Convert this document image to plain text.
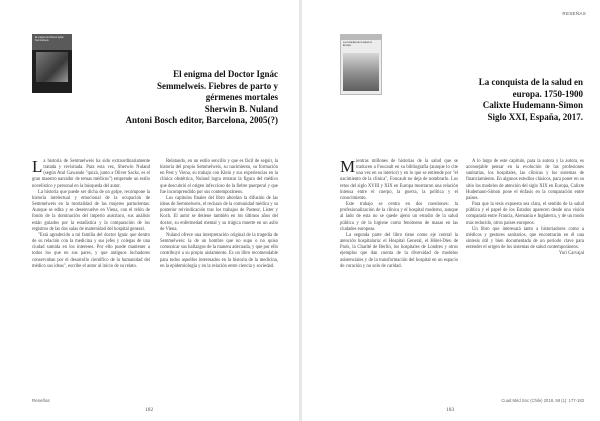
El enigma del Doctor Ignác Semmelweis
El enigma del Doctor Ignác
Semmelweis. Fiebres de parto y
gérmenes mortales
Sherwin B. Nuland
Antoni Bosch editor, Barcelona, 2005(?)

La historia de Semmelweis ha sido extraordinariamente tratada y revisitada. Para esta vez, Sherwin Nuland (según Atul Gawande "quizá, junto a Oliver Sacks, es el gran maestro narrador de temas médicos") emprende un estilo novelístico y personal en la búsqueda del autor.

La historia que puede ser dicha de un golpe, recompone la historia intelectual y emocional de la ocupación de Semmelweis en la mortalidad de las mujeres parturientas. Aunque se edita y se desenvuelve en Viena, con el telón de fondo de la dominación del imperio austriaco, sus análisis están guiados por la estadística y la comparación de los registros de las dos salas de maternidad del hospital general.

"Está agradecido a mi familia del doctor Ignác que dentro de su relación con la medicina y sus jefes y colegas de una ciudad sumida en los intereses. Por ello puede mantener a todos los que en sus pares, y que antiguos luchadores conservaban por el desarrollo científico de la humanidad del médico sus ideas", escribe el autor al inicio de su relato.

Relatando, en un estilo sencillo y que es fácil de seguir, la historia del propio Semmelweis, su nacimiento, su formación en Pest y Viena, su trabajo con Klein y sus experiencias en la clínica obstétrica, Nuland logra retratar la figura del médico que descubrió el origen infeccioso de la fiebre puerperal y que fue incomprendido por sus contemporáneos.

Los capítulos finales del libro abordan la difusión de las ideas de Semmelweis, el rechazo de la comunidad médica y su posterior reivindicación tras los trabajos de Pasteur, Lister y Koch. El autor se detiene también en los últimos años del doctor, su enfermedad mental y su trágica muerte en un asilo de Viena.

Nuland ofrece una interpretación original de la tragedia de Semmelweis: la de un hombre que no supo o no quiso comunicar sus hallazgos de la manera adecuada, y que por ello contribuyó a su propio aislamiento. Es un libro recomendable para todos aquellos interesados en la historia de la medicina, en la epidemiología y en la relación entre ciencia y sociedad.

Reseñas
182
RESEÑAS
La conquista de la salud en Europa
La conquista de la salud en
europa. 1750-1900
Calixte Hudemann-Simon
Siglo XXI, España, 2017.

Mientras millones de historias de la salud que se traducen a Foucault en su bibliografía (aunque lo cite una vez en su interior) y en lo que se entiende por "el nacimiento de la clínica", Foucault no deja de nombrarlo. Los retos del siglo XVIII y XIX en Europa mostraron una relación intensa entre el cuerpo, la guerra, la política y el conocimiento.

Este trabajo se centra en dos cuestiones: la profesionalización de la clínica y el hospital moderno, aunque al lado de esta no se quede ajeno un estudio de la salud pública y de la higiene como fenómeno de masas en las ciudades europeas.

La segunda parte del libro tiene como eje central la atención hospitalaria: el Hospital General, el Hôtel-Dieu de París, la Charité de Berlín, los hospitales de Londres y otros ejemplos que dan cuenta de la diversidad de modelos asistenciales y de la transformación del hospital en un espacio de curación y no solo de caridad.

A lo largo de este capítulo, para la autora y la autora, es aconsejable pensar en la evolución de las profesiones sanitarias, los hospitales, las clínicas y los sistemas de financiamiento. En algunos estudios clásicos, para poner en su sitio los modelos de atención del siglo XIX en Europa, Calixte Hudemann-Simon pone el énfasis en la comparación entre países.

Para que la tesis expuesta sea clara, el sentido de la salud pública y el papel de los Estados aparecen desde una visión comparada entre Francia, Alemania e Inglaterra, y de un modo más reducido, otros países europeos.

Un libro que interesará tanto a historiadores como a médicos y gestores sanitarios, que encontrarán en él una síntesis útil y bien documentada de un periodo clave para entender el origen de los sistemas de salud contemporáneos.

Yuri Carvajal

Cuad Méd Soc (Chile) 2018, 58 (1): 177-183
183
